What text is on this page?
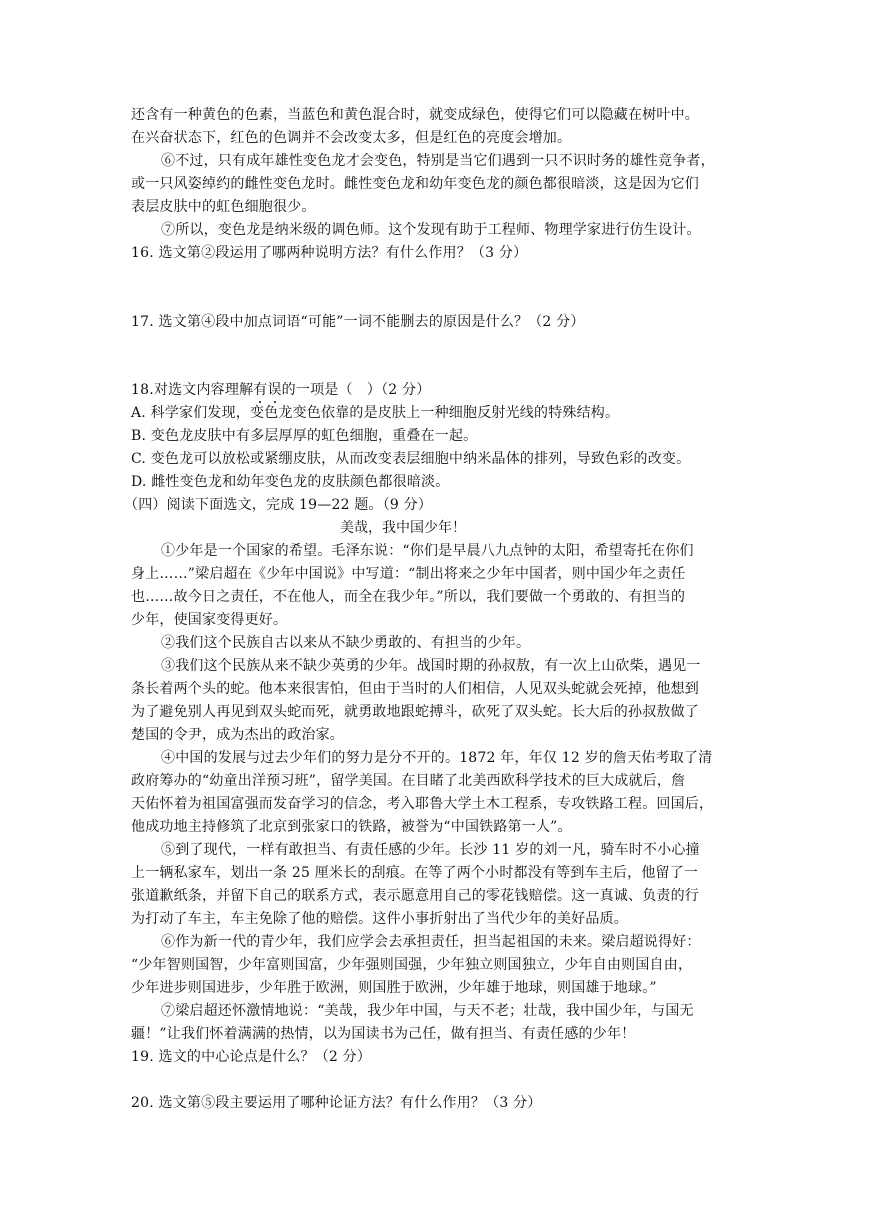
还含有一种黄色的色素，当蓝色和黄色混合时，就变成绿色，使得它们可以隐藏在树叶中。
在兴奋状态下，红色的色调并不会改变太多，但是红色的亮度会增加。
⑥不过，只有成年雄性变色龙才会变色，特别是当它们遇到一只不识时务的雄性竞争者，
或一只风姿绰约的雌性变色龙时。雌性变色龙和幼年变色龙的颜色都很暗淡，这是因为它们
表层皮肤中的虹色细胞很少。
⑦所以，变色龙是纳米级的调色师。这个发现有助于工程师、物理学家进行仿生设计。
16. 选文第②段运用了哪两种说明方法？有什么作用？（3 分）
17. 选文第④段中加点词语“可能”一词不能删去的原因是什么？（2 分）
18.对选文内容理解有误的一项是（　）（2 分）
A. 科学家们发现，变色龙变色依靠的是皮肤上一种细胞反射光线的特殊结构。
B. 变色龙皮肤中有多层厚厚的虹色细胞，重叠在一起。
C. 变色龙可以放松或紧绷皮肤，从而改变表层细胞中纳米晶体的排列，导致色彩的改变。
D. 雌性变色龙和幼年变色龙的皮肤颜色都很暗淡。
（四）阅读下面选文，完成 19—22 题。（9 分）
美哉，我中国少年！
①少年是一个国家的希望。毛泽东说：“你们是早晨八九点钟的太阳，希望寄托在你们
身上……”梁启超在《少年中国说》中写道：“制出将来之少年中国者，则中国少年之责任
也……故今日之责任，不在他人，而全在我少年。”所以，我们要做一个勇敢的、有担当的
少年，使国家变得更好。
②我们这个民族自古以来从不缺少勇敢的、有担当的少年。
③我们这个民族从来不缺少英勇的少年。战国时期的孙叔敖，有一次上山砍柴，遇见一
条长着两个头的蛇。他本来很害怕，但由于当时的人们相信，人见双头蛇就会死掉，他想到
为了避免别人再见到双头蛇而死，就勇敢地跟蛇搏斗，砍死了双头蛇。长大后的孙叔敖做了
楚国的令尹，成为杰出的政治家。
④中国的发展与过去少年们的努力是分不开的。1872 年，年仅 12 岁的詹天佑考取了清
政府筹办的“幼童出洋预习班”，留学美国。在目睹了北美西欧科学技术的巨大成就后，詹
天佑怀着为祖国富强而发奋学习的信念，考入耶鲁大学土木工程系，专攻铁路工程。回国后，
他成功地主持修筑了北京到张家口的铁路，被誉为“中国铁路第一人”。
⑤到了现代，一样有敢担当、有责任感的少年。长沙 11 岁的刘一凡，骑车时不小心撞
上一辆私家车，划出一条 25 厘米长的刮痕。在等了两个小时都没有等到车主后，他留了一
张道歉纸条，并留下自己的联系方式，表示愿意用自己的零花钱赔偿。这一真诚、负责的行
为打动了车主，车主免除了他的赔偿。这件小事折射出了当代少年的美好品质。
⑥作为新一代的青少年，我们应学会去承担责任，担当起祖国的未来。梁启超说得好：
“少年智则国智，少年富则国富，少年强则国强，少年独立则国独立，少年自由则国自由，
少年进步则国进步，少年胜于欧洲，则国胜于欧洲，少年雄于地球，则国雄于地球。”
⑦梁启超还怀激情地说：“美哉，我少年中国，与天不老；壮哉，我中国少年，与国无
疆！”让我们怀着满满的热情，以为国读书为己任，做有担当、有责任感的少年！
19. 选文的中心论点是什么？（2 分）
20. 选文第⑤段主要运用了哪种论证方法？有什么作用？（3 分）
